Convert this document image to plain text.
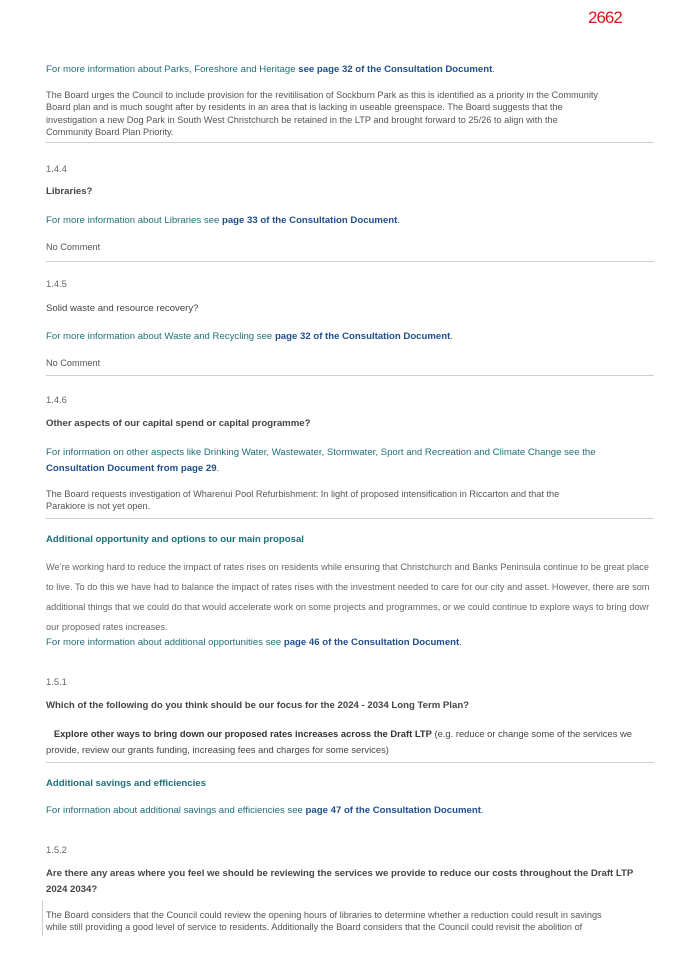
2662

For more information about Parks, Foreshore and Heritage see page 32 of the Consultation Document.

The Board urges the Council to include provision for the revitilisation of Sockburn Park as this is identified as a priority in the Community Board plan and is much sought after by residents in an area that is lacking in useable greenspace. The Board suggests that the investigation a new Dog Park in South West Christchurch be retained in the LTP and brought forward to 25/26 to align with the Community Board Plan Priority.

1.4.4

Libraries?

For more information about Libraries see page 33 of the Consultation Document.

No Comment

1.4.5

Solid waste and resource recovery?

For more information about Waste and Recycling see page 32 of the Consultation Document.

No Comment

1.4.6

Other aspects of our capital spend or capital programme?

For information on other aspects like Drinking Water, Wastewater, Stormwater, Sport and Recreation and Climate Change see the Consultation Document from page 29.

The Board requests investigation of Wharenui Pool Refurbishment: In light of proposed intensification in Riccarton and that the Parakiore is not yet open.

Additional opportunity and options to our main proposal

We’re working hard to reduce the impact of rates rises on residents while ensuring that Christchurch and Banks Peninsula continue to be great place to live. To do this we have had to balance the impact of rates rises with the investment needed to care for our city and asset. However, there are som additional things that we could do that would accelerate work on some projects and programmes, or we could continue to explore ways to bring dowr our proposed rates increases.

For more information about additional opportunities see page 46 of the Consultation Document.

1.5.1

Which of the following do you think should be our focus for the 2024 - 2034 Long Term Plan?

Explore other ways to bring down our proposed rates increases across the Draft LTP (e.g. reduce or change some of the services we provide, review our grants funding, increasing fees and charges for some services)

Additional savings and efficiencies

For information about additional savings and efficiencies see page 47 of the Consultation Document.

1.5.2

Are there any areas where you feel we should be reviewing the services we provide to reduce our costs throughout the Draft LTP 2024 2034?

The Board considers that the Council could review the opening hours of libraries to determine whether a reduction could result in savings while still providing a good level of service to residents. Additionally the Board considers that the Council could revisit the abolition of
